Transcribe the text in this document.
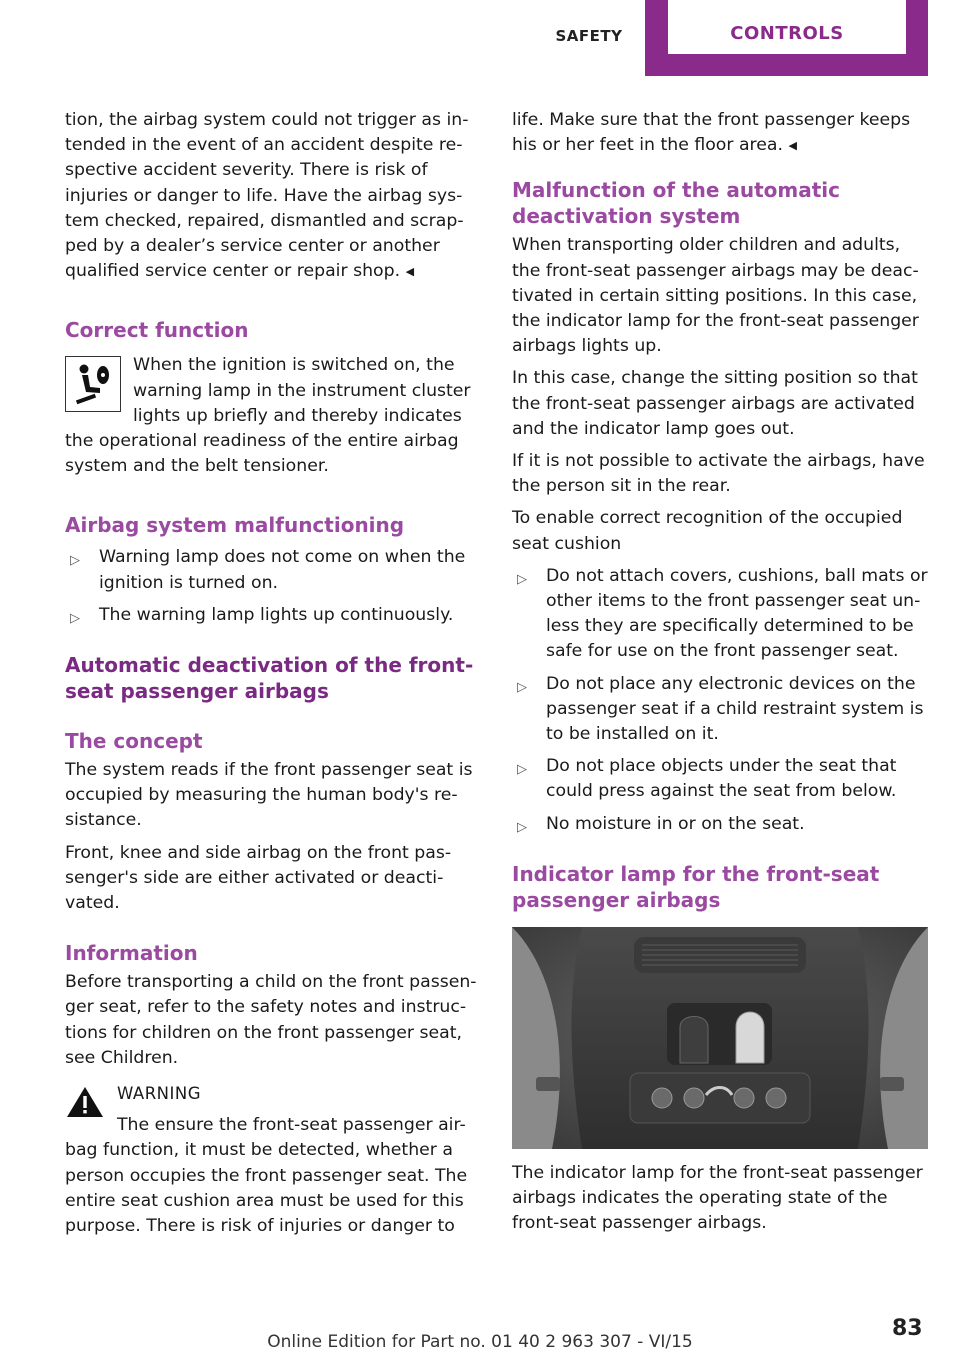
SAFETY	CONTROLS

tion, the airbag system could not trigger as in-
tended in the event of an accident despite re-
spective accident severity. There is risk of
injuries or danger to life. Have the airbag sys-
tem checked, repaired, dismantled and scrap-
ped by a dealer’s service center or another
qualified service center or repair shop. ◀

Correct function

When the ignition is switched on, the warning lamp in the instrument cluster lights up briefly and thereby indicates the operational readiness of the entire airbag system and the belt tensioner.

Airbag system malfunctioning
▷ Warning lamp does not come on when the ignition is turned on.
▷ The warning lamp lights up continuously.
Automatic deactivation of the front-seat passenger airbags
The concept

The system reads if the front passenger seat is occupied by measuring the human body's re-sistance.

Front, knee and side airbag on the front pas-senger's side are either activated or deacti-vated.

Information

Before transporting a child on the front passen-ger seat, refer to the safety notes and instruc-tions for children on the front passenger seat, see Children.

WARNING

The ensure the front-seat passenger air-bag function, it must be detected, whether a person occupies the front passenger seat. The entire seat cushion area must be used for this purpose. There is risk of injuries or danger to

life. Make sure that the front passenger keeps his or her feet in the floor area. ◀

Malfunction of the automatic deactivation system

When transporting older children and adults, the front-seat passenger airbags may be deac-tivated in certain sitting positions. In this case, the indicator lamp for the front-seat passenger airbags lights up.

In this case, change the sitting position so that the front-seat passenger airbags are activated and the indicator lamp goes out.

If it is not possible to activate the airbags, have the person sit in the rear.

To enable correct recognition of the occupied seat cushion

▷ Do not attach covers, cushions, ball mats or other items to the front passenger seat un-less they are specifically determined to be safe for use on the front passenger seat.
▷ Do not place any electronic devices on the passenger seat if a child restraint system is to be installed on it.
▷ Do not place objects under the seat that could press against the seat from below.
▷ No moisture in or on the seat.
Indicator lamp for the front-seat passenger airbags

The indicator lamp for the front-seat passenger airbags indicates the operating state of the front-seat passenger airbags.

Online Edition for Part no. 01 40 2 963 307 - VI/15
83
